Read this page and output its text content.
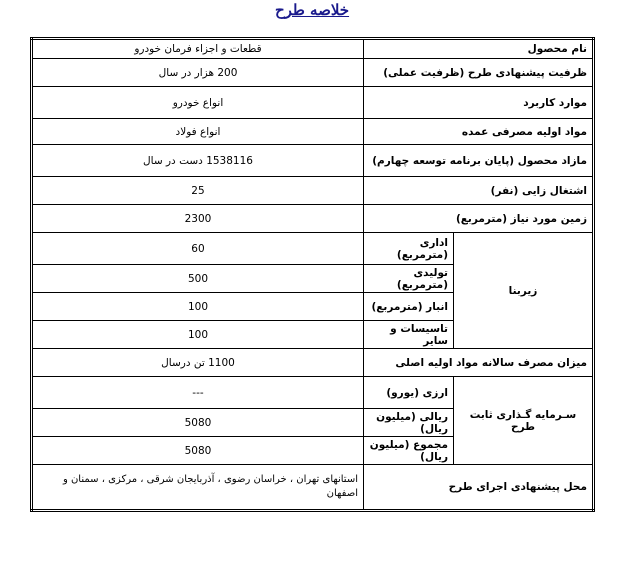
خلاصه طرح
نام محصول		قطعات و اجزاء فرمان خودرو
ظرفیت پیشنهادی طرح (ظرفیت عملی)		200 هزار در سال
موارد کاربرد		انواع خودرو
مواد اولیه مصرفی عمده		انواع فولاد
مازاد محصول (پایان برنامه توسعه چهارم)		1538116 دست در سال
اشتغال زایی (نفر)		25
زمین مورد نیاز (مترمربع)		2300
زیربنا	اداری (مترمربع)	60
	تولیدی (مترمربع)	500
	انبار (مترمربع)	100
	تاسیسات و سایر	100
میزان مصرف سالانه مواد اولیه اصلی		1100 تن درسال
سـرمایه گـذاری ثابت طرح	ارزی (یورو)	---
	ریالی (میلیون ریال)	5080
	مجموع (میلیون ریال)	5080
محل پیشنهادی اجرای طرح		استانهای تهران ، خراسان رضوی ، آذربایجان شرقی ، مرکزی ، سمنان و اصفهان
